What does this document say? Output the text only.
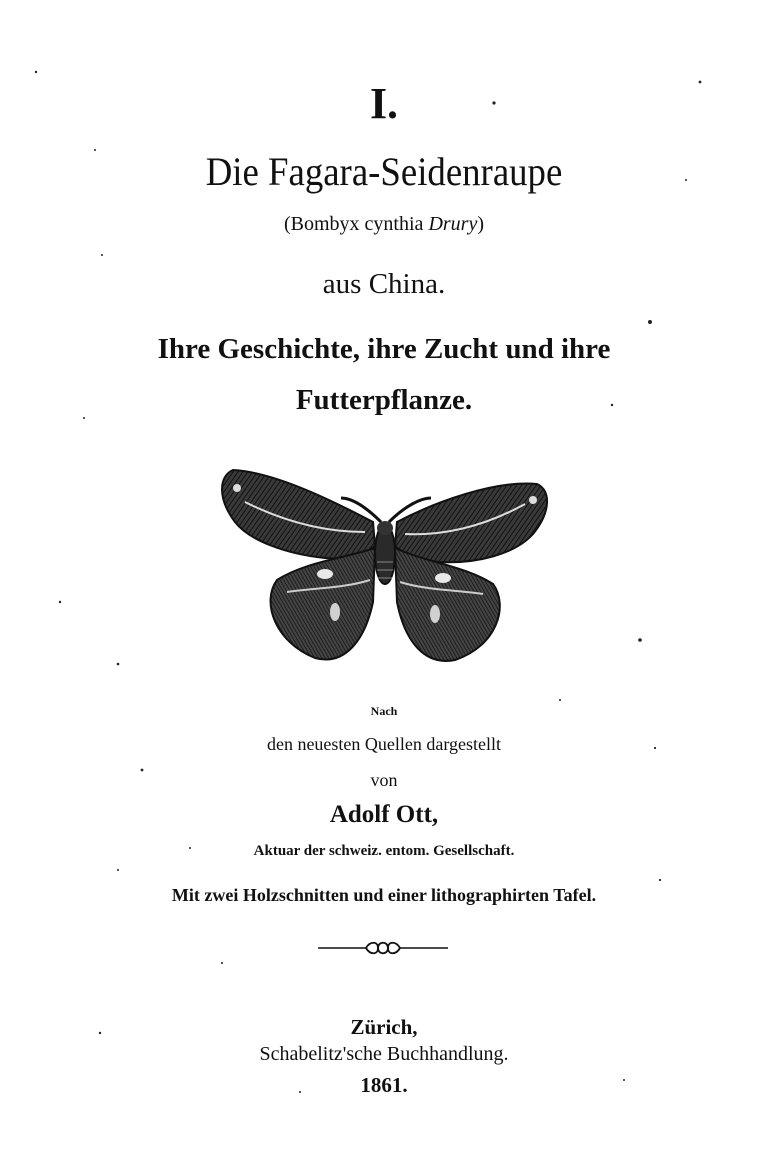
I.
Die Fagara-Seidenraupe
(Bombyx cynthia Drury)
aus China.
Ihre Geschichte, ihre Zucht und ihre
Futterpflanze.
Nach
den neuesten Quellen dargestellt
von
Adolf Ott,
Aktuar der schweiz. entom. Gesellschaft.
Mit zwei Holzschnitten und einer lithographirten Tafel.
Zürich,
Schabelitz'sche Buchhandlung.
1861.
